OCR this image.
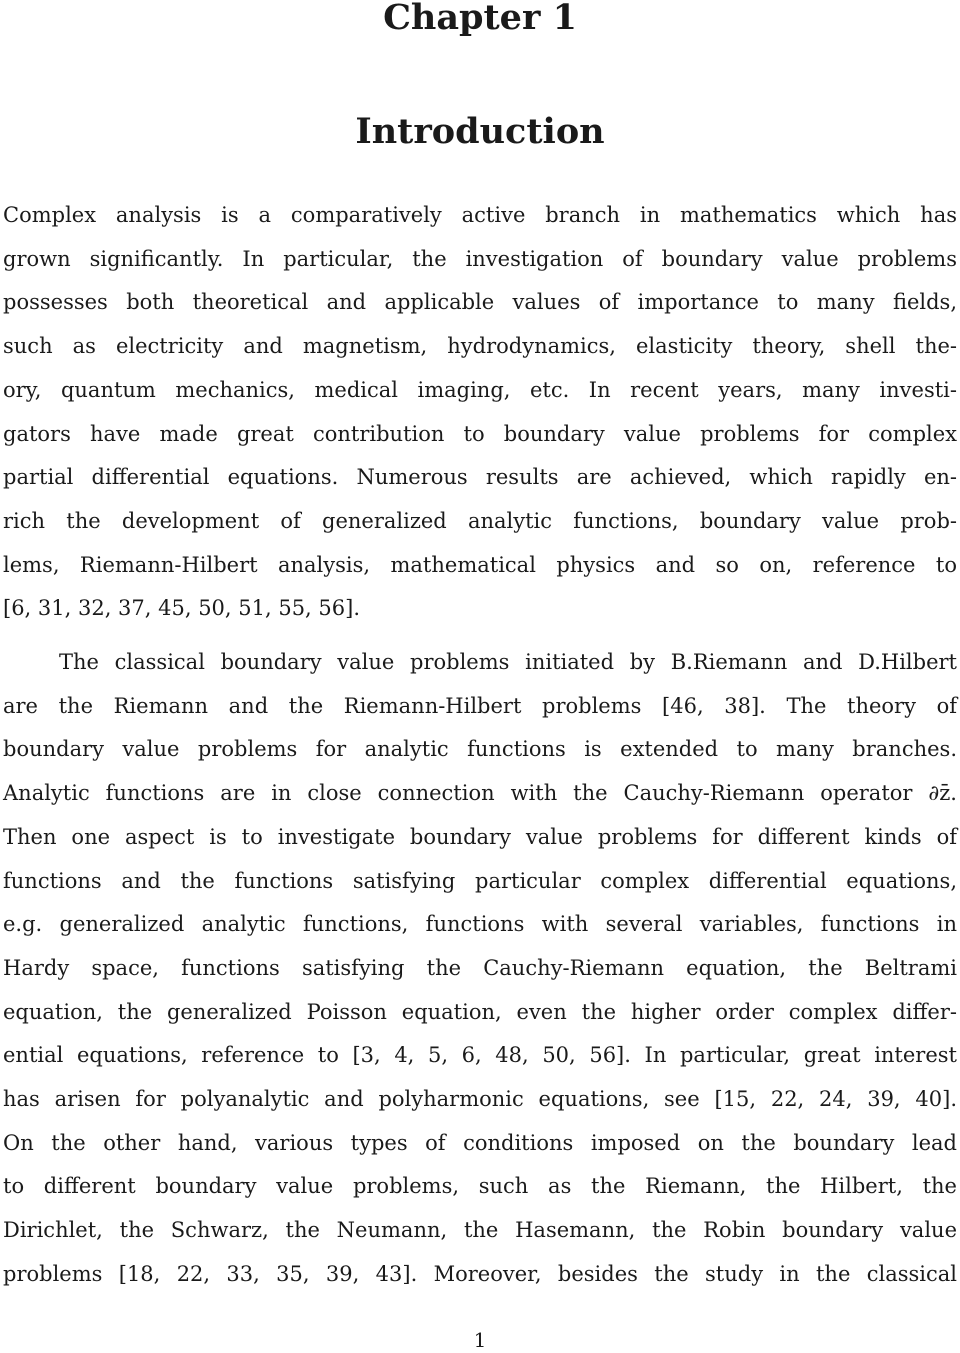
Chapter 1
Introduction
Complex analysis is a comparatively active branch in mathematics which has
grown significantly. In particular, the investigation of boundary value problems
possesses both theoretical and applicable values of importance to many fields,
such as electricity and magnetism, hydrodynamics, elasticity theory, shell the-
ory, quantum mechanics, medical imaging, etc. In recent years, many investi-
gators have made great contribution to boundary value problems for complex
partial differential equations. Numerous results are achieved, which rapidly en-
rich the development of generalized analytic functions, boundary value prob-
lems, Riemann-Hilbert analysis, mathematical physics and so on, reference to
[6, 31, 32, 37, 45, 50, 51, 55, 56].
The classical boundary value problems initiated by B.Riemann and D.Hilbert
are the Riemann and the Riemann-Hilbert problems [46, 38]. The theory of
boundary value problems for analytic functions is extended to many branches.
Analytic functions are in close connection with the Cauchy-Riemann operator ∂z̄.
Then one aspect is to investigate boundary value problems for different kinds of
functions and the functions satisfying particular complex differential equations,
e.g. generalized analytic functions, functions with several variables, functions in
Hardy space, functions satisfying the Cauchy-Riemann equation, the Beltrami
equation, the generalized Poisson equation, even the higher order complex differ-
ential equations, reference to [3, 4, 5, 6, 48, 50, 56]. In particular, great interest
has arisen for polyanalytic and polyharmonic equations, see [15, 22, 24, 39, 40].
On the other hand, various types of conditions imposed on the boundary lead
to different boundary value problems, such as the Riemann, the Hilbert, the
Dirichlet, the Schwarz, the Neumann, the Hasemann, the Robin boundary value
problems [18, 22, 33, 35, 39, 43]. Moreover, besides the study in the classical
1
